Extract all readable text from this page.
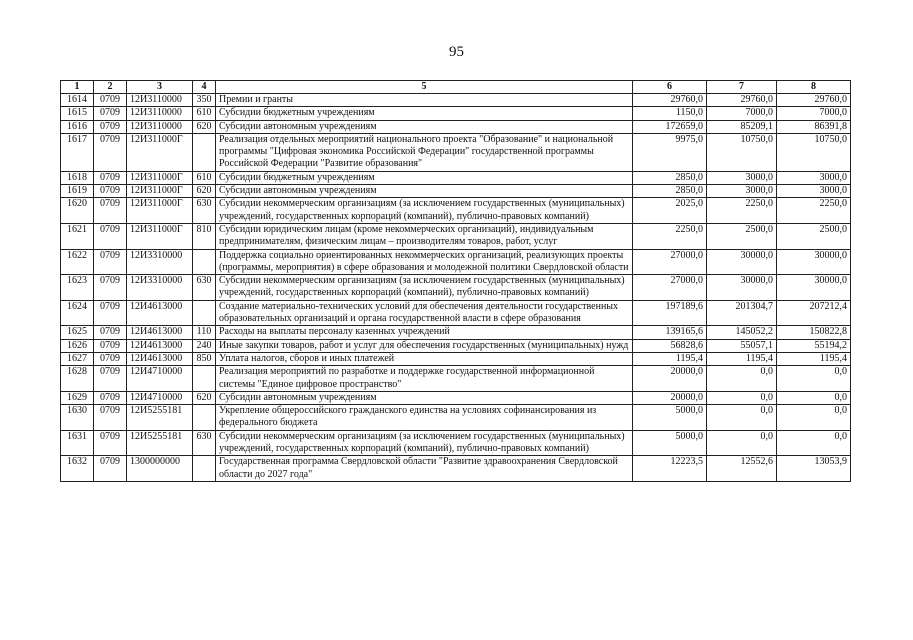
95
1	2	3	4	5	6	7	8
1614	0709	12И3110000	350	Премии и гранты	29760,0	29760,0	29760,0
1615	0709	12И3110000	610	Субсидии бюджетным учреждениям	1150,0	7000,0	7000,0
1616	0709	12И3110000	620	Субсидии автономным учреждениям	172659,0	85209,1	86391,8
1617	0709	12И311000Г		Реализация отдельных мероприятий национального проекта "Образование" и национальной программы "Цифровая экономика Российской Федерации" государственной программы Российской Федерации "Развитие образования"	9975,0	10750,0	10750,0
1618	0709	12И311000Г	610	Субсидии бюджетным учреждениям	2850,0	3000,0	3000,0
1619	0709	12И311000Г	620	Субсидии автономным учреждениям	2850,0	3000,0	3000,0
1620	0709	12И311000Г	630	Субсидии некоммерческим организациям (за исключением государственных (муниципальных) учреждений, государственных корпораций (компаний), публично-правовых компаний)	2025,0	2250,0	2250,0
1621	0709	12И311000Г	810	Субсидии юридическим лицам (кроме некоммерческих организаций), индивидуальным предпринимателям, физическим лицам – производителям товаров, работ, услуг	2250,0	2500,0	2500,0
1622	0709	12И3310000		Поддержка социально ориентированных некоммерческих организаций, реализующих проекты (программы, мероприятия) в сфере образования и молодежной политики Свердловской области	27000,0	30000,0	30000,0
1623	0709	12И3310000	630	Субсидии некоммерческим организациям (за исключением государственных (муниципальных) учреждений, государственных корпораций (компаний), публично-правовых компаний)	27000,0	30000,0	30000,0
1624	0709	12И4613000		Создание материально-технических условий для обеспечения деятельности государственных образовательных организаций и органа государственной власти в сфере образования	197189,6	201304,7	207212,4
1625	0709	12И4613000	110	Расходы на выплаты персоналу казенных учреждений	139165,6	145052,2	150822,8
1626	0709	12И4613000	240	Иные закупки товаров, работ и услуг для обеспечения государственных (муниципальных) нужд	56828,6	55057,1	55194,2
1627	0709	12И4613000	850	Уплата налогов, сборов и иных платежей	1195,4	1195,4	1195,4
1628	0709	12И4710000		Реализация мероприятий по разработке и поддержке государственной информационной системы "Единое цифровое пространство"	20000,0	0,0	0,0
1629	0709	12И4710000	620	Субсидии автономным учреждениям	20000,0	0,0	0,0
1630	0709	12И5255181		Укрепление общероссийского гражданского единства на условиях софинансирования из федерального бюджета	5000,0	0,0	0,0
1631	0709	12И5255181	630	Субсидии некоммерческим организациям (за исключением государственных (муниципальных) учреждений, государственных корпораций (компаний), публично-правовых компаний)	5000,0	0,0	0,0
1632	0709	1300000000		Государственная программа Свердловской области "Развитие здравоохранения Свердловской области до 2027 года"	12223,5	12552,6	13053,9
